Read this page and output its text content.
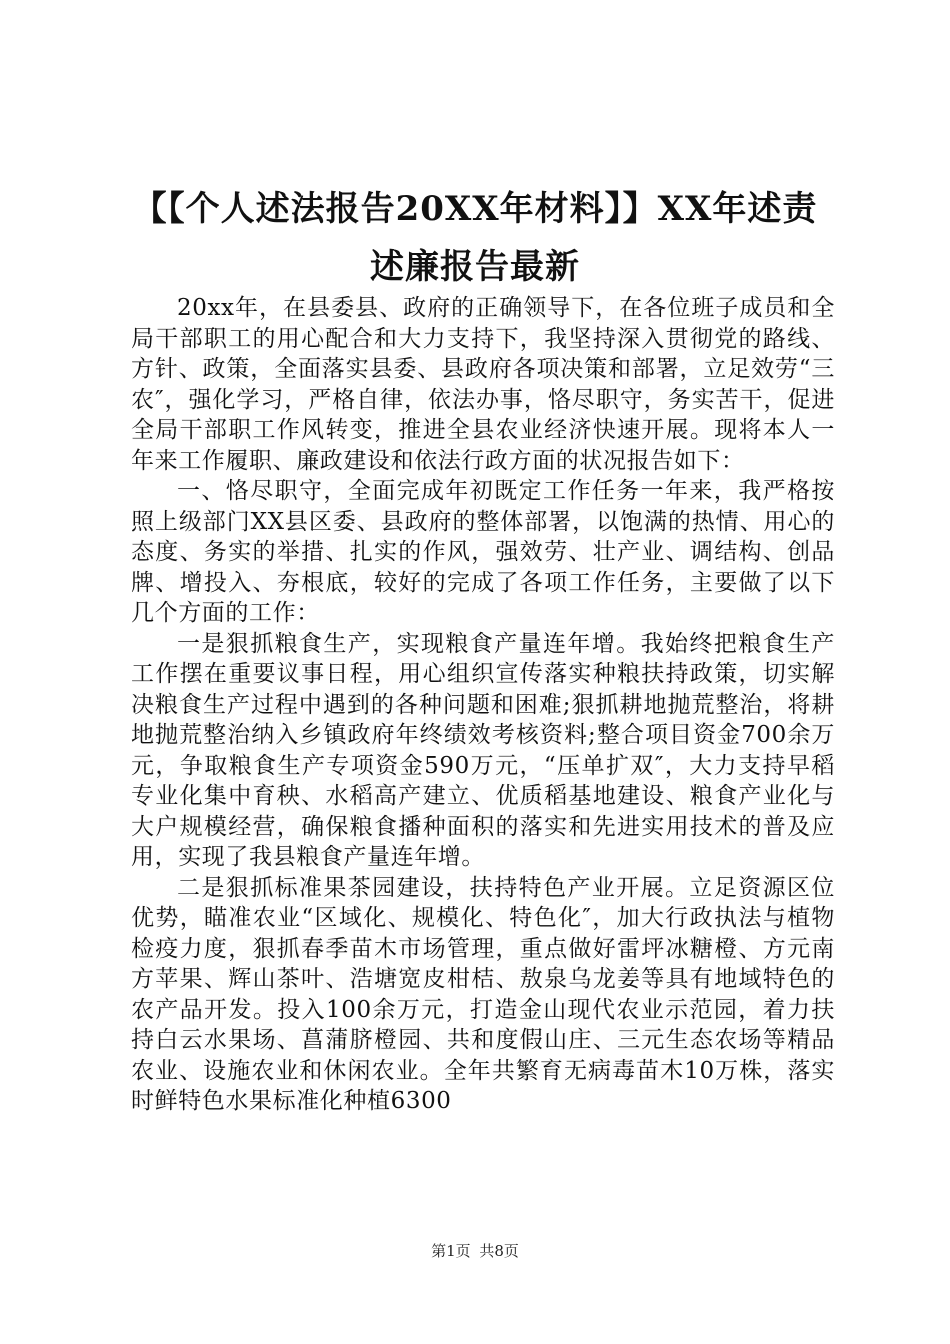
【【个人述法报告20XX年材料】】XX年述责
述廉报告最新

20xx年，在县委县、政府的正确领导下，在各位班子成员和全局干部职工的用心配合和大力支持下，我坚持深入贯彻党的路线、方针、政策，全面落实县委、县政府各项决策和部署，立足效劳“三农″，强化学习，严格自律，依法办事，恪尽职守，务实苦干，促进全局干部职工作风转变，推进全县农业经济快速开展。现将本人一年来工作履职、廉政建设和依法行政方面的状况报告如下：

一、恪尽职守，全面完成年初既定工作任务一年来，我严格按照上级部门XX县区委、县政府的整体部署，以饱满的热情、用心的态度、务实的举措、扎实的作风，强效劳、壮产业、调结构、创品牌、增投入、夯根底，较好的完成了各项工作任务，主要做了以下几个方面的工作：

一是狠抓粮食生产，实现粮食产量连年增。我始终把粮食生产工作摆在重要议事日程，用心组织宣传落实种粮扶持政策，切实解决粮食生产过程中遇到的各种问题和困难;狠抓耕地抛荒整治，将耕地抛荒整治纳入乡镇政府年终绩效考核资料;整合项目资金700余万元，争取粮食生产专项资金590万元，“压单扩双″，大力支持早稻专业化集中育秧、水稻高产建立、优质稻基地建设、粮食产业化与大户规模经营，确保粮食播种面积的落实和先进实用技术的普及应用，实现了我县粮食产量连年增。

二是狠抓标准果茶园建设，扶持特色产业开展。立足资源区位优势，瞄准农业“区域化、规模化、特色化″，加大行政执法与植物检疫力度，狠抓春季苗木市场管理，重点做好雷坪冰糖橙、方元南方苹果、辉山茶叶、浩塘宽皮柑桔、敖泉乌龙姜等具有地域特色的农产品开发。投入100余万元，打造金山现代农业示范园，着力扶持白云水果场、菖蒲脐橙园、共和度假山庄、三元生态农场等精品农业、设施农业和休闲农业。全年共繁育无病毒苗木10万株，落实时鲜特色水果标准化种植6300

第1页 共8页
